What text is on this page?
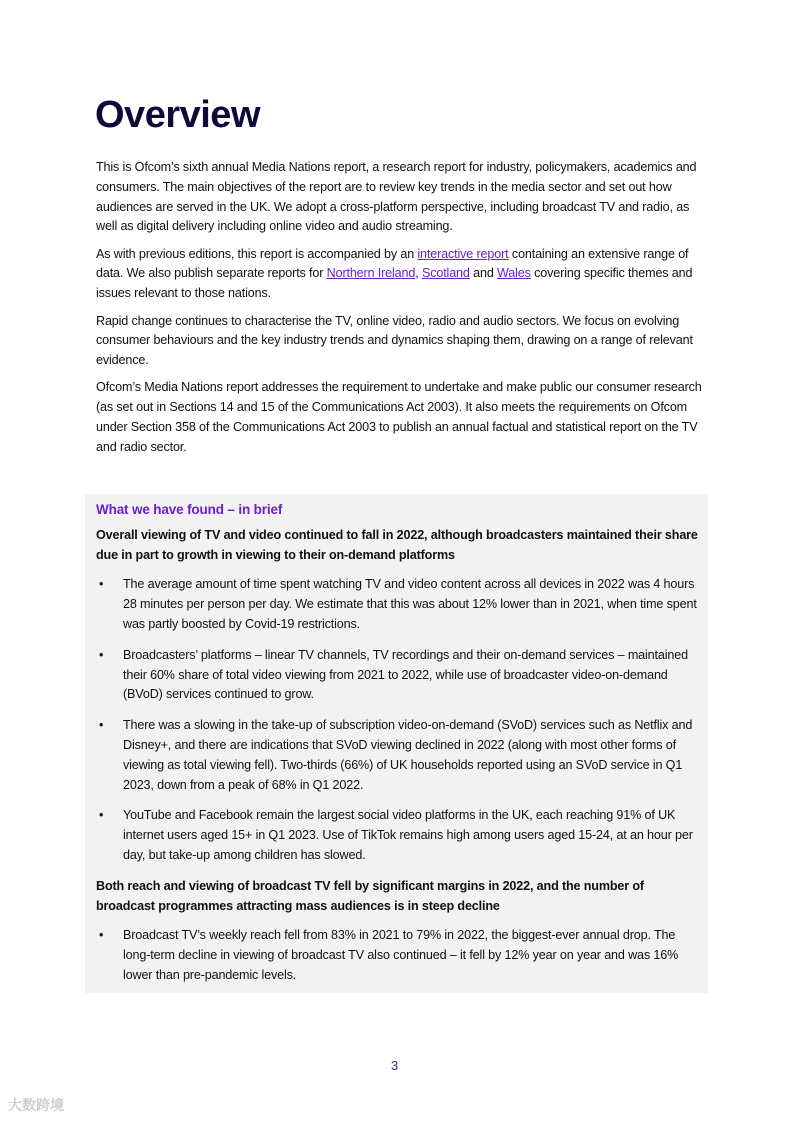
Overview

This is Ofcom’s sixth annual Media Nations report, a research report for industry, policymakers, academics and consumers. The main objectives of the report are to review key trends in the media sector and set out how audiences are served in the UK. We adopt a cross-platform perspective, including broadcast TV and radio, as well as digital delivery including online video and audio streaming.

As with previous editions, this report is accompanied by an interactive report containing an extensive range of data. We also publish separate reports for Northern Ireland, Scotland and Wales covering specific themes and issues relevant to those nations.

Rapid change continues to characterise the TV, online video, radio and audio sectors. We focus on evolving consumer behaviours and the key industry trends and dynamics shaping them, drawing on a range of relevant evidence.

Ofcom’s Media Nations report addresses the requirement to undertake and make public our consumer research (as set out in Sections 14 and 15 of the Communications Act 2003). It also meets the requirements on Ofcom under Section 358 of the Communications Act 2003 to publish an annual factual and statistical report on the TV and radio sector.

What we have found – in brief

Overall viewing of TV and video continued to fall in 2022, although broadcasters maintained their share due in part to growth in viewing to their on-demand platforms

• The average amount of time spent watching TV and video content across all devices in 2022 was 4 hours 28 minutes per person per day. We estimate that this was about 12% lower than in 2021, when time spent was partly boosted by Covid-19 restrictions.
• Broadcasters’ platforms – linear TV channels, TV recordings and their on-demand services – maintained their 60% share of total video viewing from 2021 to 2022, while use of broadcaster video-on-demand (BVoD) services continued to grow.
• There was a slowing in the take-up of subscription video-on-demand (SVoD) services such as Netflix and Disney+, and there are indications that SVoD viewing declined in 2022 (along with most other forms of viewing as total viewing fell). Two-thirds (66%) of UK households reported using an SVoD service in Q1 2023, down from a peak of 68% in Q1 2022.
• YouTube and Facebook remain the largest social video platforms in the UK, each reaching 91% of UK internet users aged 15+ in Q1 2023. Use of TikTok remains high among users aged 15-24, at an hour per day, but take-up among children has slowed.

Both reach and viewing of broadcast TV fell by significant margins in 2022, and the number of broadcast programmes attracting mass audiences is in steep decline

• Broadcast TV’s weekly reach fell from 83% in 2021 to 79% in 2022, the biggest-ever annual drop. The long-term decline in viewing of broadcast TV also continued – it fell by 12% year on year and was 16% lower than pre-pandemic levels.
3
大数跨境
